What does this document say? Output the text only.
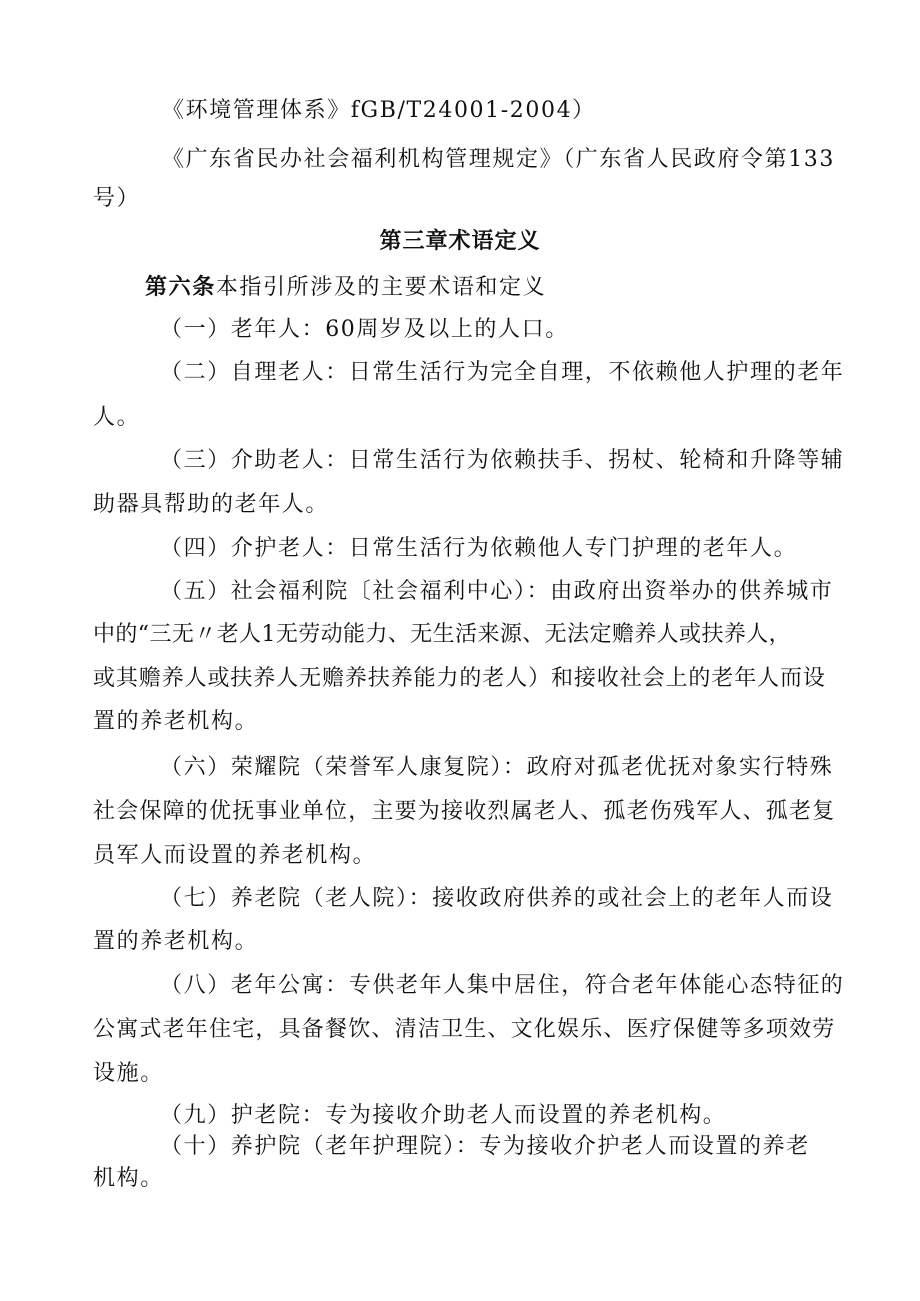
《环境管理体系》fGB/T24001-2004）

《广东省民办社会福利机构管理规定》（广东省人民政府令第133

号）

第三章术语定义

第六条本指引所涉及的主要术语和定义

（一）老年人：60周岁及以上的人口。

（二）自理老人：日常生活行为完全自理，不依赖他人护理的老年

人。

（三）介助老人：日常生活行为依赖扶手、拐杖、轮椅和升降等辅

助器具帮助的老年人。

（四）介护老人：日常生活行为依赖他人专门护理的老年人。

（五）社会福利院〔社会福利中心）：由政府出资举办的供养城市

中的“三无〃老人1无劳动能力、无生活来源、无法定赡养人或扶养人，

或其赡养人或扶养人无赡养扶养能力的老人）和接收社会上的老年人而设

置的养老机构。

（六）荣耀院（荣誉军人康复院）：政府对孤老优抚对象实行特殊

社会保障的优抚事业单位，主要为接收烈属老人、孤老伤残军人、孤老复

员军人而设置的养老机构。

（七）养老院（老人院）：接收政府供养的或社会上的老年人而设

置的养老机构。

（八）老年公寓：专供老年人集中居住，符合老年体能心态特征的

公寓式老年住宅，具备餐饮、清洁卫生、文化娱乐、医疗保健等多项效劳

设施。

（九）护老院：专为接收介助老人而设置的养老机构。

（十）养护院（老年护理院）：专为接收介护老人而设置的养老

机构。
